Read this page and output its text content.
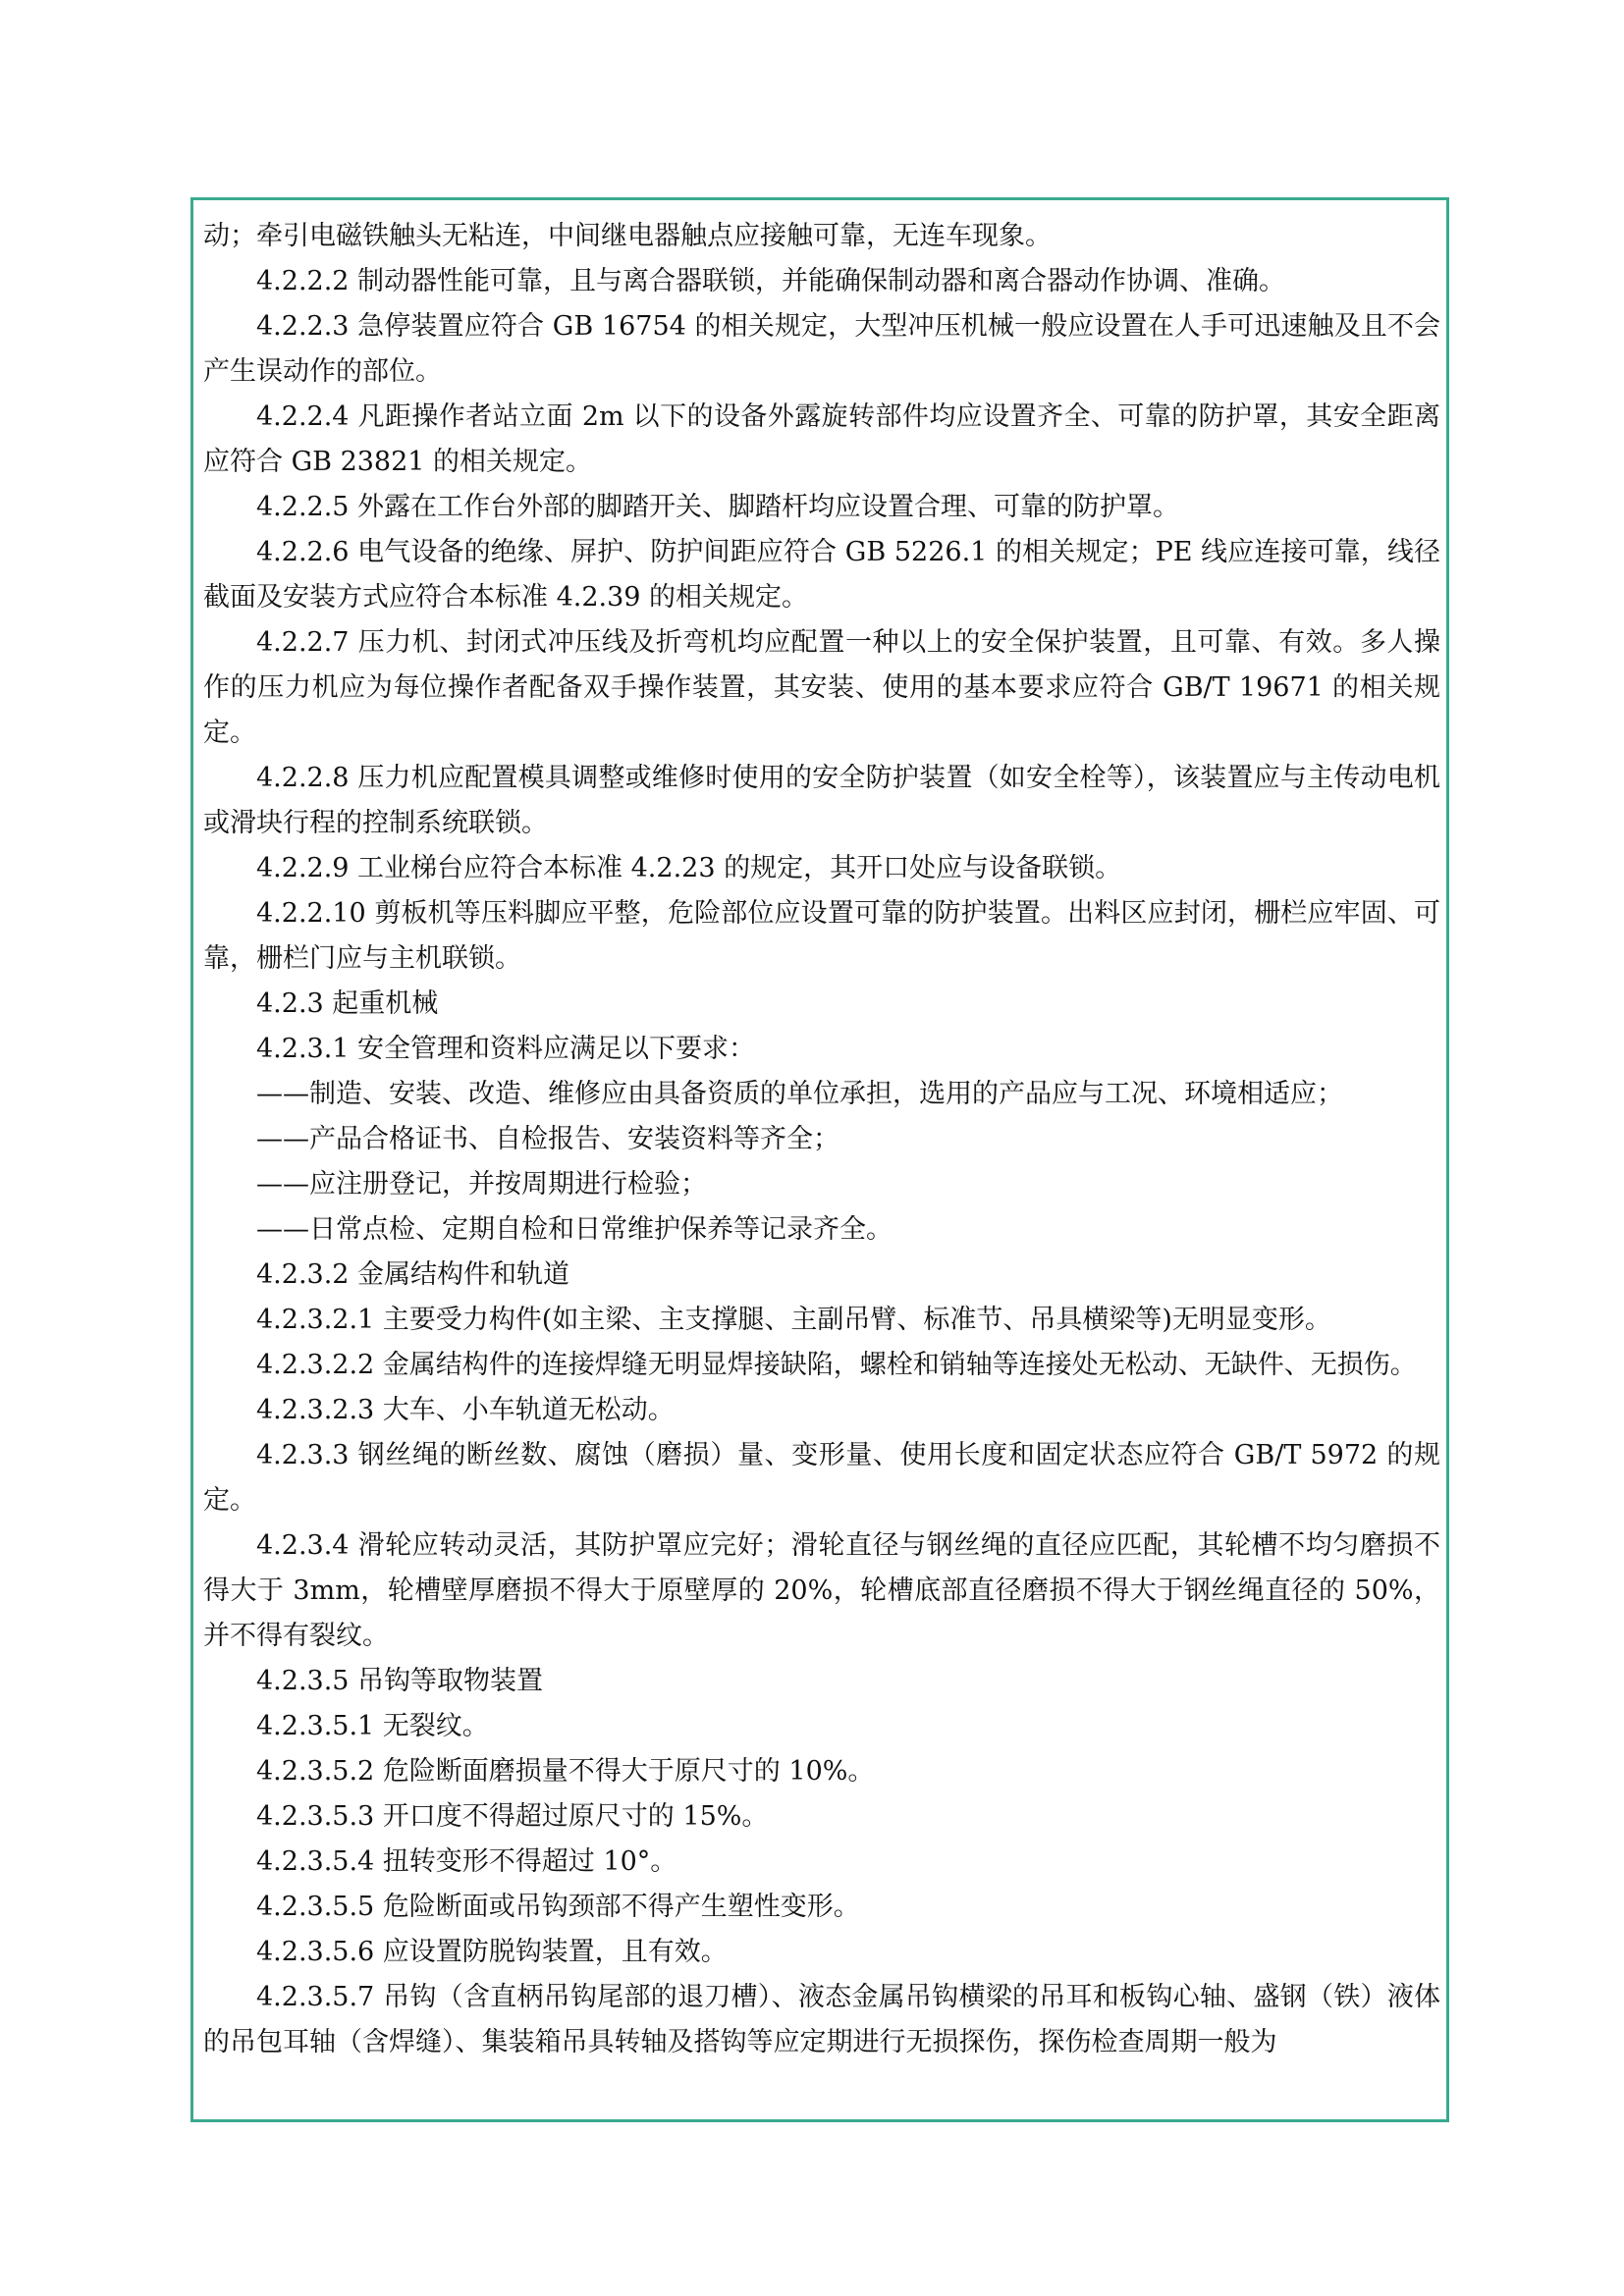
动；牵引电磁铁触头无粘连，中间继电器触点应接触可靠，无连车现象。

4.2.2.2 制动器性能可靠，且与离合器联锁，并能确保制动器和离合器动作协调、准确。

4.2.2.3 急停装置应符合 GB 16754 的相关规定，大型冲压机械一般应设置在人手可迅速触及且不会产生误动作的部位。

4.2.2.4 凡距操作者站立面 2m 以下的设备外露旋转部件均应设置齐全、可靠的防护罩，其安全距离应符合 GB 23821 的相关规定。

4.2.2.5 外露在工作台外部的脚踏开关、脚踏杆均应设置合理、可靠的防护罩。

4.2.2.6 电气设备的绝缘、屏护、防护间距应符合 GB 5226.1 的相关规定；PE 线应连接可靠，线径截面及安装方式应符合本标准 4.2.39 的相关规定。

4.2.2.7 压力机、封闭式冲压线及折弯机均应配置一种以上的安全保护装置，且可靠、有效。多人操作的压力机应为每位操作者配备双手操作装置，其安装、使用的基本要求应符合 GB/T 19671 的相关规定。

4.2.2.8 压力机应配置模具调整或维修时使用的安全防护装置（如安全栓等），该装置应与主传动电机或滑块行程的控制系统联锁。

4.2.2.9 工业梯台应符合本标准 4.2.23 的规定，其开口处应与设备联锁。

4.2.2.10 剪板机等压料脚应平整，危险部位应设置可靠的防护装置。出料区应封闭，栅栏应牢固、可靠，栅栏门应与主机联锁。

4.2.3 起重机械

4.2.3.1 安全管理和资料应满足以下要求：

——制造、安装、改造、维修应由具备资质的单位承担，选用的产品应与工况、环境相适应；

——产品合格证书、自检报告、安装资料等齐全；

——应注册登记，并按周期进行检验；

——日常点检、定期自检和日常维护保养等记录齐全。

4.2.3.2 金属结构件和轨道

4.2.3.2.1 主要受力构件(如主梁、主支撑腿、主副吊臂、标准节、吊具横梁等)无明显变形。

4.2.3.2.2 金属结构件的连接焊缝无明显焊接缺陷，螺栓和销轴等连接处无松动、无缺件、无损伤。

4.2.3.2.3 大车、小车轨道无松动。

4.2.3.3 钢丝绳的断丝数、腐蚀（磨损）量、变形量、使用长度和固定状态应符合 GB/T 5972 的规定。

4.2.3.4 滑轮应转动灵活，其防护罩应完好；滑轮直径与钢丝绳的直径应匹配，其轮槽不均匀磨损不得大于 3mm，轮槽壁厚磨损不得大于原壁厚的 20%，轮槽底部直径磨损不得大于钢丝绳直径的 50%，并不得有裂纹。

4.2.3.5 吊钩等取物装置

4.2.3.5.1 无裂纹。

4.2.3.5.2 危险断面磨损量不得大于原尺寸的 10%。

4.2.3.5.3 开口度不得超过原尺寸的 15%。

4.2.3.5.4 扭转变形不得超过 10°。

4.2.3.5.5 危险断面或吊钩颈部不得产生塑性变形。

4.2.3.5.6 应设置防脱钩装置，且有效。

4.2.3.5.7 吊钩（含直柄吊钩尾部的退刀槽）、液态金属吊钩横梁的吊耳和板钩心轴、盛钢（铁）液体的吊包耳轴（含焊缝）、集装箱吊具转轴及搭钩等应定期进行无损探伤，探伤检查周期一般为
